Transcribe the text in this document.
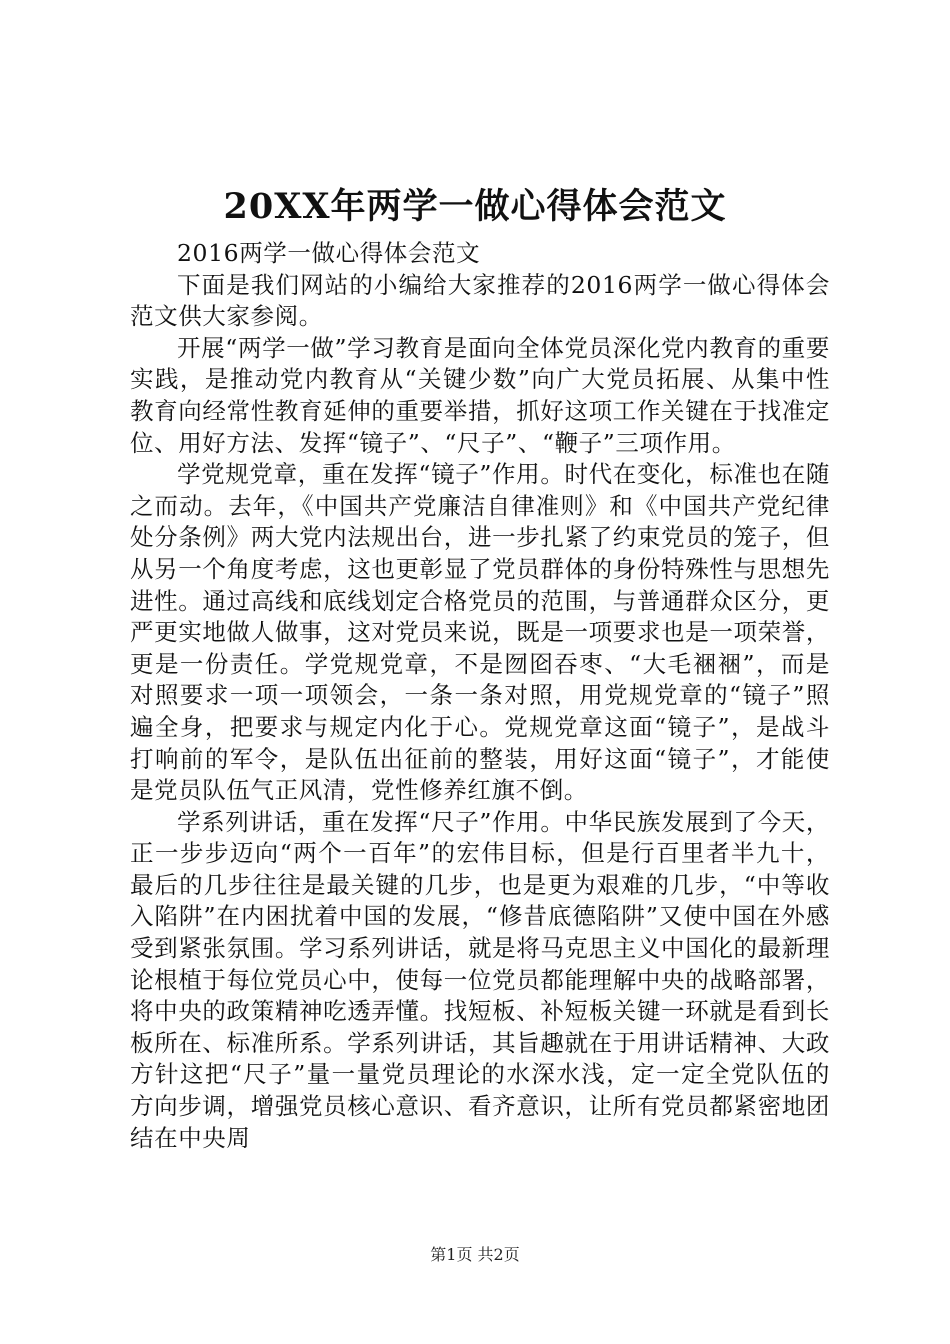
20XX年两学一做心得体会范文

2016两学一做心得体会范文

下面是我们网站的小编给大家推荐的2016两学一做心得体会范文供大家参阅。

开展“两学一做”学习教育是面向全体党员深化党内教育的重要实践，是推动党内教育从“关键少数”向广大党员拓展、从集中性教育向经常性教育延伸的重要举措，抓好这项工作关键在于找准定位、用好方法、发挥“镜子”、“尺子”、“鞭子”三项作用。

学党规党章，重在发挥“镜子”作用。时代在变化，标准也在随之而动。去年，《中国共产党廉洁自律准则》和《中国共产党纪律处分条例》两大党内法规出台，进一步扎紧了约束党员的笼子，但从另一个角度考虑，这也更彰显了党员群体的身份特殊性与思想先进性。通过高线和底线划定合格党员的范围，与普通群众区分，更严更实地做人做事，这对党员来说，既是一项要求也是一项荣誉，更是一份责任。学党规党章，不是囫囵吞枣、“大毛裍裍”，而是对照要求一项一项领会，一条一条对照，用党规党章的“镜子”照遍全身，把要求与规定内化于心。党规党章这面“镜子”，是战斗打响前的军令，是队伍出征前的整装，用好这面“镜子”，才能使是党员队伍气正风清，党性修养红旗不倒。

学系列讲话，重在发挥“尺子”作用。中华民族发展到了今天，正一步步迈向“两个一百年”的宏伟目标，但是行百里者半九十，最后的几步往往是最关键的几步，也是更为艰难的几步，“中等收入陷阱”在内困扰着中国的发展，“修昔底德陷阱”又使中国在外感受到紧张氛围。学习系列讲话，就是将马克思主义中国化的最新理论根植于每位党员心中，使每一位党员都能理解中央的战略部署，将中央的政策精神吃透弄懂。找短板、补短板关键一环就是看到长板所在、标准所系。学系列讲话，其旨趣就在于用讲话精神、大政方针这把“尺子”量一量党员理论的水深水浅，定一定全党队伍的方向步调，增强党员核心意识、看齐意识，让所有党员都紧密地团结在中央周

第1页 共2页
